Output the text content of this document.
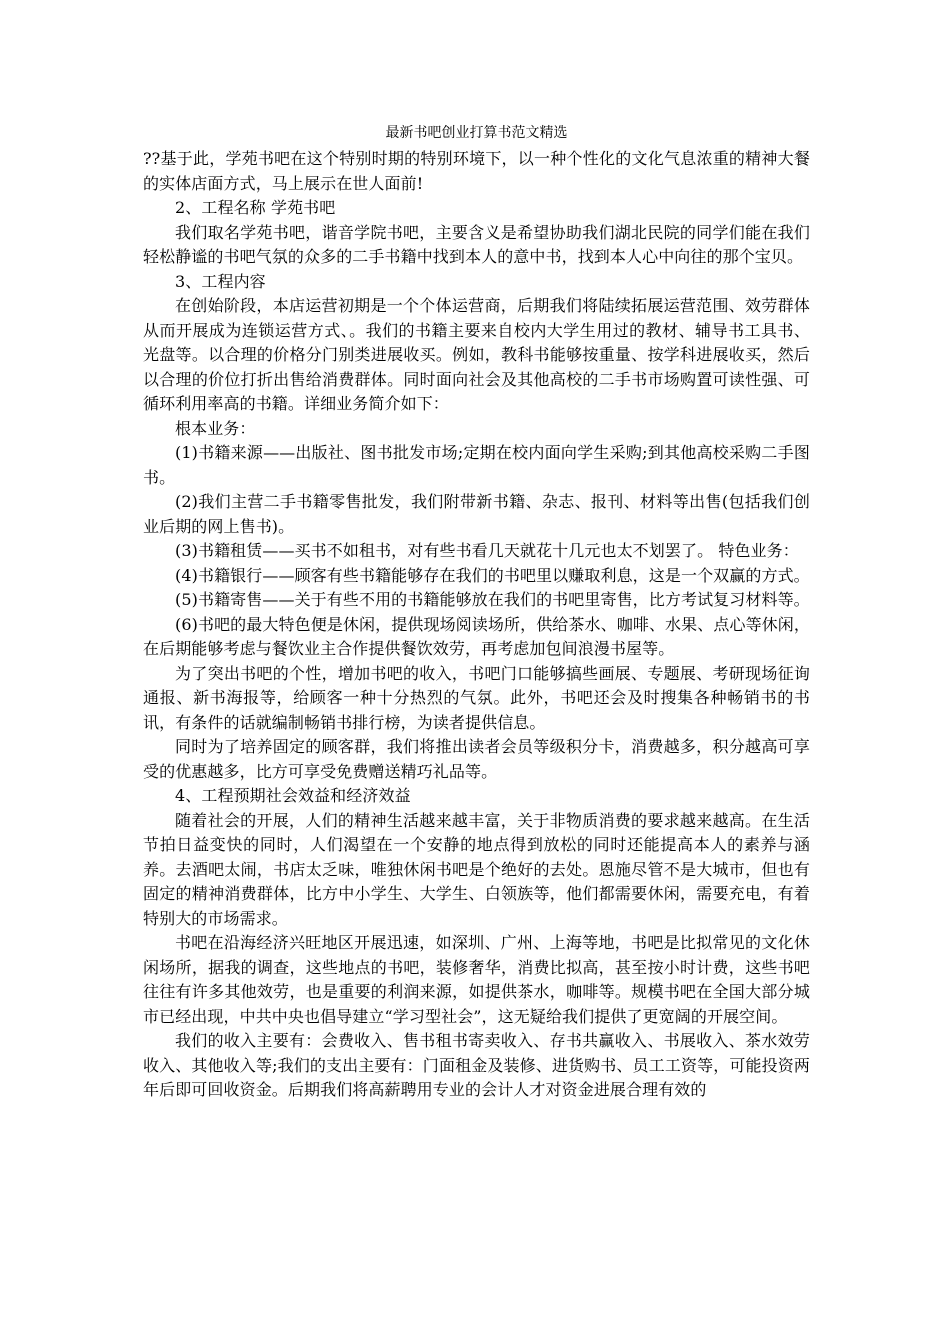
最新书吧创业打算书范文精选

??基于此，学苑书吧在这个特别时期的特别环境下，以一种个性化的文化气息浓重的精神大餐的实体店面方式，马上展示在世人面前!

2、工程名称 学苑书吧

我们取名学苑书吧，谐音学院书吧，主要含义是希望协助我们湖北民院的同学们能在我们轻松静谧的书吧气氛的众多的二手书籍中找到本人的意中书，找到本人心中向往的那个宝贝。

3、工程内容

在创始阶段，本店运营初期是一个个体运营商，后期我们将陆续拓展运营范围、效劳群体从而开展成为连锁运营方式、。我们的书籍主要来自校内大学生用过的教材、辅导书工具书、光盘等。以合理的价格分门别类进展收买。例如，教科书能够按重量、按学科进展收买，然后以合理的价位打折出售给消费群体。同时面向社会及其他高校的二手书市场购置可读性强、可循环利用率高的书籍。详细业务简介如下：

根本业务：

(1)书籍来源——出版社、图书批发市场;定期在校内面向学生采购;到其他高校采购二手图书。

(2)我们主营二手书籍零售批发，我们附带新书籍、杂志、报刊、材料等出售(包括我们创业后期的网上售书)。

(3)书籍租赁——买书不如租书，对有些书看几天就花十几元也太不划罢了。 特色业务：

(4)书籍银行——顾客有些书籍能够存在我们的书吧里以赚取利息，这是一个双赢的方式。

(5)书籍寄售——关于有些不用的书籍能够放在我们的书吧里寄售，比方考试复习材料等。

(6)书吧的最大特色便是休闲，提供现场阅读场所，供给茶水、咖啡、水果、点心等休闲，在后期能够考虑与餐饮业主合作提供餐饮效劳，再考虑加包间浪漫书屋等。

为了突出书吧的个性，增加书吧的收入，书吧门口能够搞些画展、专题展、考研现场征询通报、新书海报等，给顾客一种十分热烈的气氛。此外，书吧还会及时搜集各种畅销书的书讯，有条件的话就编制畅销书排行榜，为读者提供信息。

同时为了培养固定的顾客群，我们将推出读者会员等级积分卡，消费越多，积分越高可享受的优惠越多，比方可享受免费赠送精巧礼品等。

4、工程预期社会效益和经济效益

随着社会的开展，人们的精神生活越来越丰富，关于非物质消费的要求越来越高。在生活节拍日益变快的同时，人们渴望在一个安静的地点得到放松的同时还能提高本人的素养与涵养。去酒吧太闹，书店太乏味，唯独休闲书吧是个绝好的去处。恩施尽管不是大城市，但也有固定的精神消费群体，比方中小学生、大学生、白领族等，他们都需要休闲，需要充电，有着特别大的市场需求。

书吧在沿海经济兴旺地区开展迅速，如深圳、广州、上海等地，书吧是比拟常见的文化休闲场所，据我的调查，这些地点的书吧，装修奢华，消费比拟高，甚至按小时计费，这些书吧往往有许多其他效劳，也是重要的利润来源，如提供茶水，咖啡等。规模书吧在全国大部分城市已经出现，中共中央也倡导建立“学习型社会”，这无疑给我们提供了更宽阔的开展空间。

我们的收入主要有：会费收入、售书租书寄卖收入、存书共赢收入、书展收入、茶水效劳收入、其他收入等;我们的支出主要有：门面租金及装修、进货购书、员工工资等，可能投资两年后即可回收资金。后期我们将高薪聘用专业的会计人才对资金进展合理有效的
